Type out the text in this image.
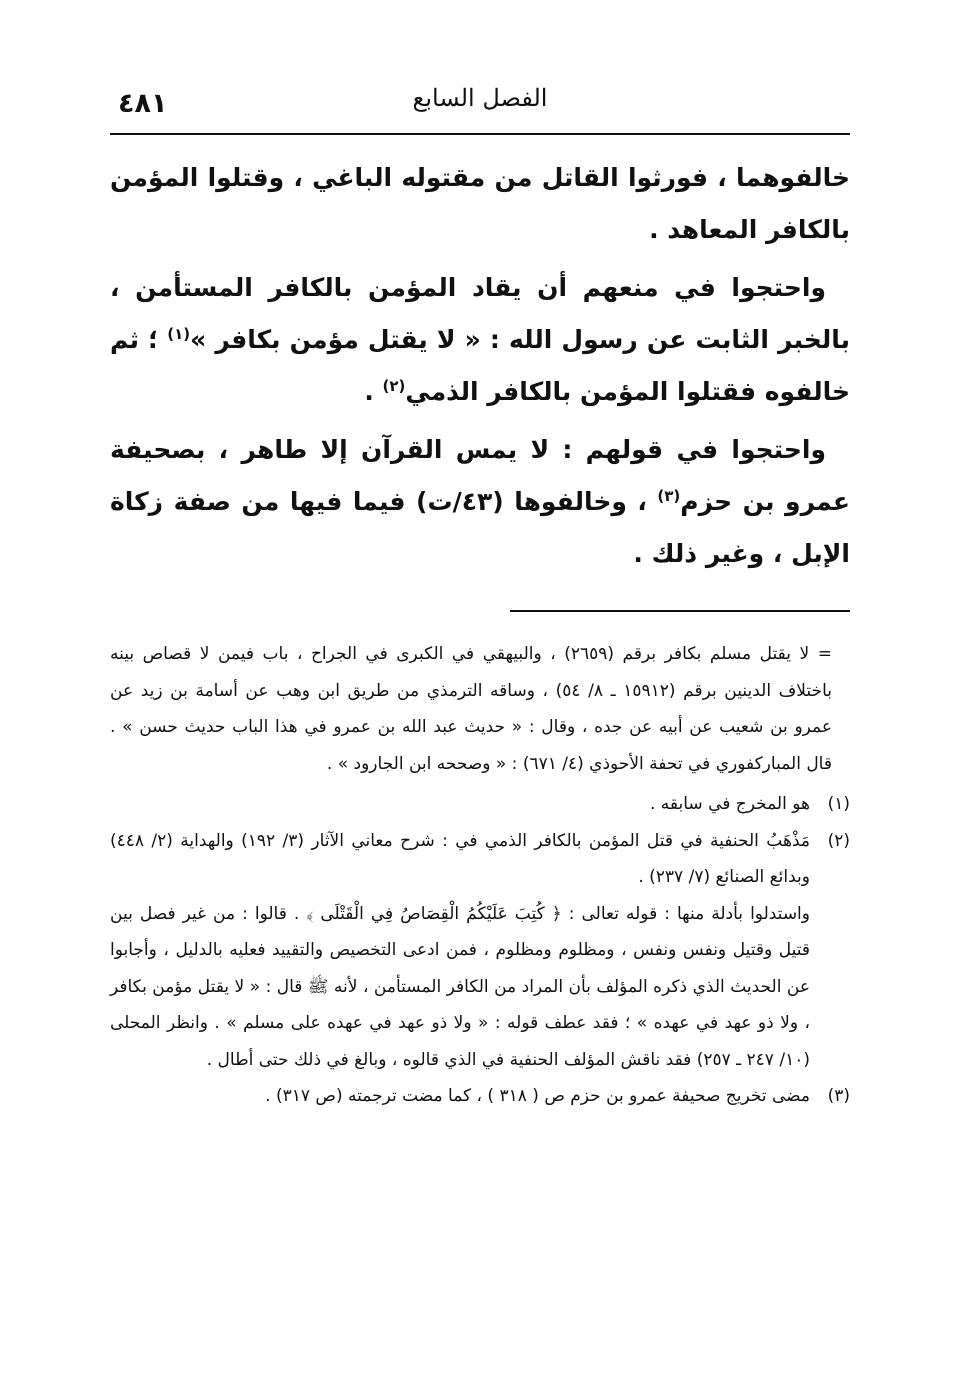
٤٨١	الفصل السابع

خالفوهما ، فورثوا القاتل من مقتوله الباغي ، وقتلوا المؤمن بالكافر المعاهد .

واحتجوا في منعهم أن يقاد المؤمن بالكافر المستأمن ، بالخبر الثابت عن رسول الله : « لا يقتل مؤمن بكافر »$^{(١)}$ ؛ ثم خالفوه فقتلوا المؤمن بالكافر الذمي$^{(٢)}$ .

واحتجوا في قولهم : لا يمس القرآن إلا طاهر ، بصحيفة عمرو بن حزم$^{(٣)}$ ، وخالفوها (٤٣/ت) فيما فيها من صفة زكاة الإبل ، وغير ذلك .

= لا يقتل مسلم بكافر برقم (٢٦٥٩) ، والبيهقي في الكبرى في الجراح ، باب فيمن لا قصاص بينه باختلاف الدينين برقم (١٥٩١٢ ـ ٨/ ٥٤) ، وساقه الترمذي من طريق ابن وهب عن أسامة بن زيد عن عمرو بن شعيب عن أبيه عن جده ، وقال : « حديث عبد الله بن عمرو في هذا الباب حديث حسن » . قال المباركفوري في تحفة الأحوذي (٤/ ٦٧١) : « وصححه ابن الجارود » .

(١)
هو المخرج في سابقه .
(٢)

مَذْهَبُ الحنفية في قتل المؤمن بالكافر الذمي في : شرح معاني الآثار (٣/ ١٩٢) والهداية (٢/ ٤٤٨) وبدائع الصنائع (٧/ ٢٣٧) .

واستدلوا بأدلة منها : قوله تعالى : ﴿ كُتِبَ عَلَيْكُمُ الْقِصَاصُ فِي الْقَتْلَى ﴾ . قالوا : من غير فصل بين قتيل وقتيل ونفس ونفس ، ومظلوم ومظلوم ، فمن ادعى التخصيص والتقييد فعليه بالدليل ، وأجابوا عن الحديث الذي ذكره المؤلف بأن المراد من الكافر المستأمن ، لأنه ﷺ قال : « لا يقتل مؤمن بكافر ، ولا ذو عهد في عهده » ؛ فقد عطف قوله : « ولا ذو عهد في عهده على مسلم » . وانظر المحلى (١٠/ ٢٤٧ ـ ٢٥٧) فقد ناقش المؤلف الحنفية في الذي قالوه ، وبالغ في ذلك حتى أطال .

(٣)
مضى تخريج صحيفة عمرو بن حزم ص ( ٣١٨ ) ، كما مضت ترجمته (ص ٣١٧) .
